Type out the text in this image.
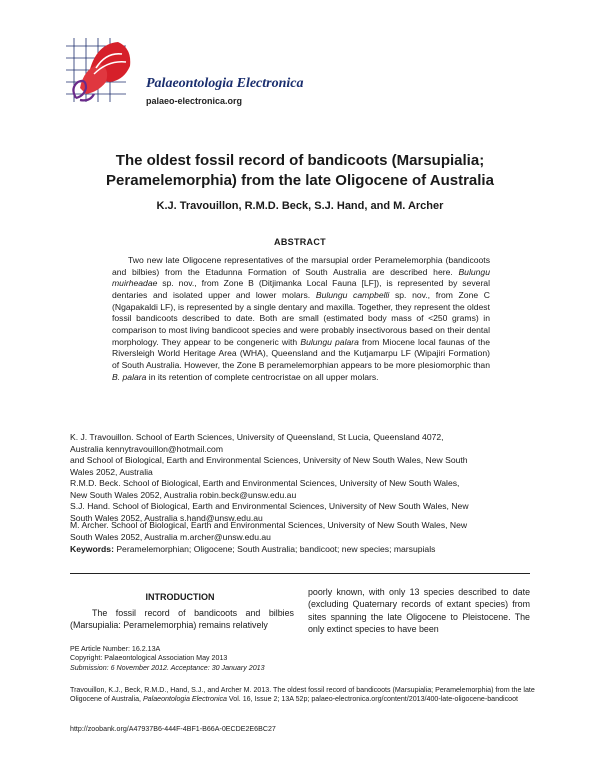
Palaeontologia Electronica
palaeo-electronica.org
The oldest fossil record of bandicoots (Marsupialia;
Peramelemorphia) from the late Oligocene of Australia
K.J. Travouillon, R.M.D. Beck, S.J. Hand, and M. Archer
ABSTRACT
Two new late Oligocene representatives of the marsupial order Peramelemorphia (bandicoots and bilbies) from the Etadunna Formation of South Australia are described here. Bulungu muirheadae sp. nov., from Zone B (Ditjimanka Local Fauna [LF]), is represented by several dentaries and isolated upper and lower molars. Bulungu campbelli sp. nov., from Zone C (Ngapakaldi LF), is represented by a single dentary and maxilla. Together, they represent the oldest fossil bandicoots described to date. Both are small (estimated body mass of <250 grams) in comparison to most living bandicoot species and were probably insectivorous based on their dental morphology. They appear to be congeneric with Bulungu palara from Miocene local faunas of the Riversleigh World Heritage Area (WHA), Queensland and the Kutjamarpu LF (Wipajiri Formation) of South Australia. However, the Zone B peramelemorphian appears to be more plesiomorphic than B. palara in its retention of complete centrocristae on all upper molars.
K. J. Travouillon. School of Earth Sciences, University of Queensland, St Lucia, Queensland 4072,
Australia kennytravouillon@hotmail.com
and School of Biological, Earth and Environmental Sciences, University of New South Wales, New South
Wales 2052, Australia
R.M.D. Beck. School of Biological, Earth and Environmental Sciences, University of New South Wales,
New South Wales 2052, Australia robin.beck@unsw.edu.au
S.J. Hand. School of Biological, Earth and Environmental Sciences, University of New South Wales, New
South Wales 2052, Australia s.hand@unsw.edu.au
M. Archer. School of Biological, Earth and Environmental Sciences, University of New South Wales, New
South Wales 2052, Australia m.archer@unsw.edu.au
Keywords: Peramelemorphian; Oligocene; South Australia; bandicoot; new species; marsupials
INTRODUCTION
The fossil record of bandicoots and bilbies (Marsupialia: Peramelemorphia) remains relatively
poorly known, with only 13 species described to date (excluding Quaternary records of extant species) from sites spanning the late Oligocene to Pleistocene. The only extinct species to have been
PE Article Number: 16.2.13A
Copyright: Palaeontological Association May 2013
Submission: 6 November 2012. Acceptance: 30 January 2013
Travouillon, K.J., Beck, R.M.D., Hand, S.J., and Archer M. 2013. The oldest fossil record of bandicoots (Marsupialia; Peramelemorphia) from the late Oligocene of Australia, Palaeontologia Electronica Vol. 16, Issue 2; 13A 52p; palaeo-electronica.org/content/2013/400-late-oligocene-bandicoot
http://zoobank.org/A47937B6-444F-4BF1-B66A-0ECDE2E6BC27
